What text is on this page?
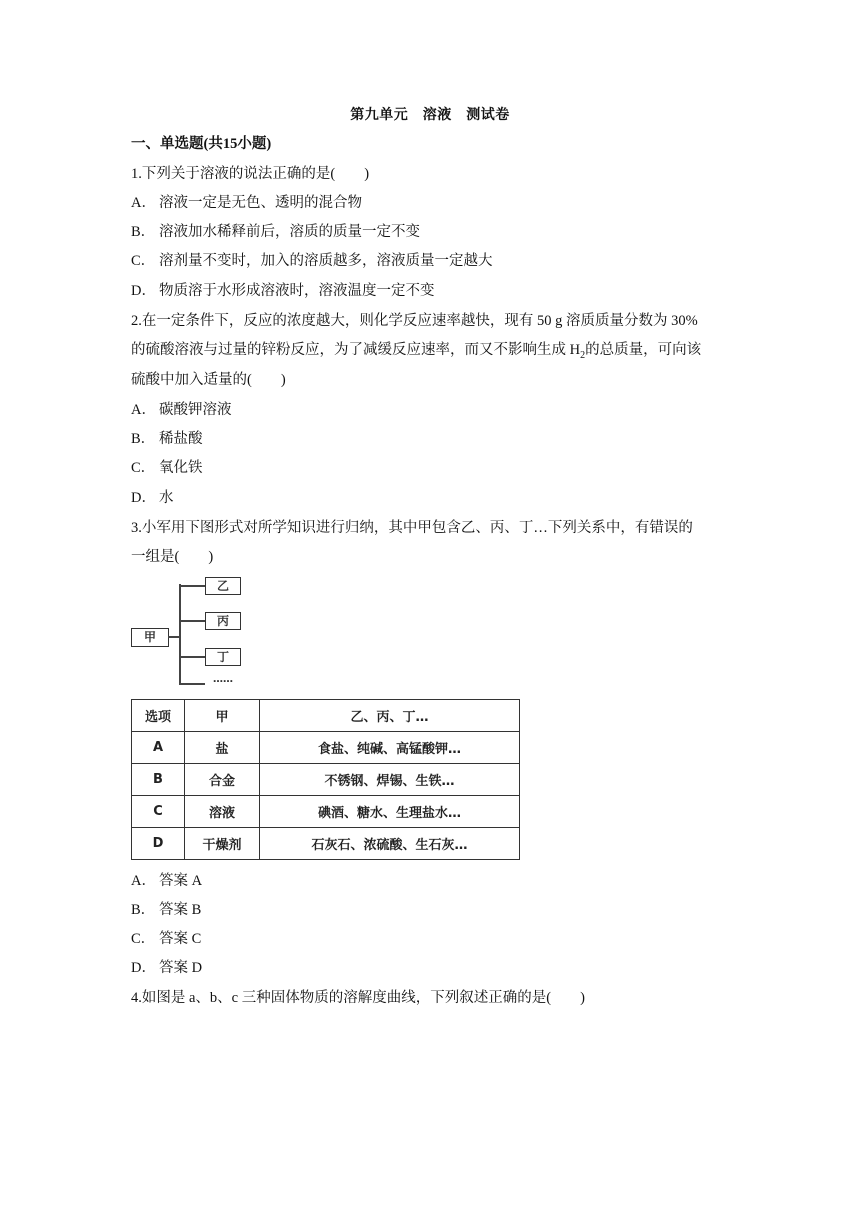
第九单元　溶液　测试卷
一、单选题(共15小题)
1.下列关于溶液的说法正确的是(　　)
A． 溶液一定是无色、透明的混合物
B． 溶液加水稀释前后，溶质的质量一定不变
C． 溶剂量不变时，加入的溶质越多，溶液质量一定越大
D． 物质溶于水形成溶液时，溶液温度一定不变
2.在一定条件下，反应的浓度越大，则化学反应速率越快，现有 50 g 溶质质量分数为 30%
的硫酸溶液与过量的锌粉反应，为了减缓反应速率，而又不影响生成 $H_2$的总质量，可向该
硫酸中加入适量的(　　)
A． 碳酸钾溶液
B． 稀盐酸
C． 氧化铁
D． 水
3.小军用下图形式对所学知识进行归纳，其中甲包含乙、丙、丁…下列关系中，有错误的
一组是(　　)
甲
乙
丙
丁
……
选项	甲	乙、丙、丁…
A	盐	食盐、纯碱、高锰酸钾…
B	合金	不锈钢、焊锡、生铁…
C	溶液	碘酒、糖水、生理盐水…
D	干燥剂	石灰石、浓硫酸、生石灰…
A． 答案 A
B． 答案 B
C． 答案 C
D． 答案 D
4.如图是 a、b、c 三种固体物质的溶解度曲线，下列叙述正确的是(　　)
